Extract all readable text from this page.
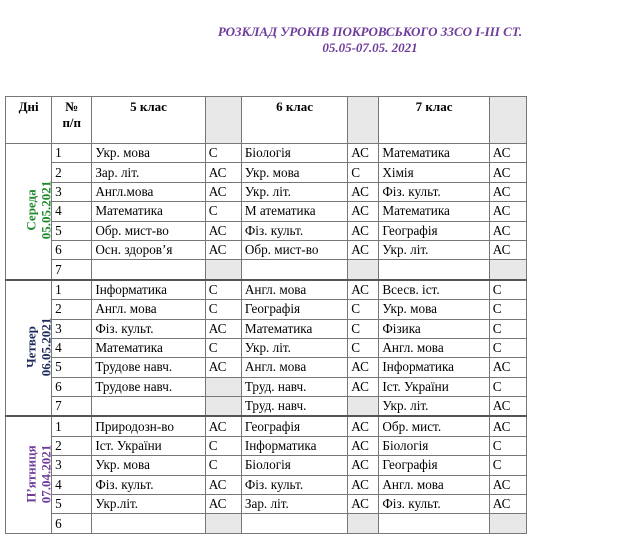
РОЗКЛАД УРОКІВ ПОКРОВСЬКОГО ЗЗСО І-ІІІ СТ.
05.05-07.05. 2021
Дні	№
п/п	5 клас		6 клас		7 клас	

Середа 05.05.2021	1	Укр. мова	С	Біологія	АС	Математика	АС
	2	Зар. літ.	АС	Укр. мова	С	Хімія	АС
	3	Англ.мова	АС	Укр. літ.	АС	Фіз. культ.	АС
	4	Математика	С	М атематика	АС	Математика	АС
	5	Обр. мист-во	АС	Фіз. культ.	АС	Географія	АС
	6	Осн. здоров’я	АС	Обр. мист-во	АС	Укр. літ.	АС
	7						

Четвер 06.05.2021	1	Інформатика	С	Англ. мова	АС	Всесв. іст.	С
	2	Англ. мова	С	Географія	С	Укр. мова	С
	3	Фіз. культ.	АС	Математика	С	Фізика	С
	4	Математика	С	Укр. літ.	С	Англ. мова	С
	5	Трудове навч.	АС	Англ. мова	АС	Інформатика	АС
	6	Трудове навч.		Труд. навч.	АС	Іст. України	С
	7			Труд. навч.		Укр. літ.	АС

П’ятниця 07.04.2021	1	Природозн-во	АС	Географія	АС	Обр. мист.	АС
	2	Іст. України	С	Інформатика	АС	Біологія	С
	3	Укр. мова	С	Біологія	АС	Географія	С
	4	Фіз. культ.	АС	Фіз. культ.	АС	Англ. мова	АС
	5	Укр.літ.	АС	Зар. літ.	АС	Фіз. культ.	АС
	6						
